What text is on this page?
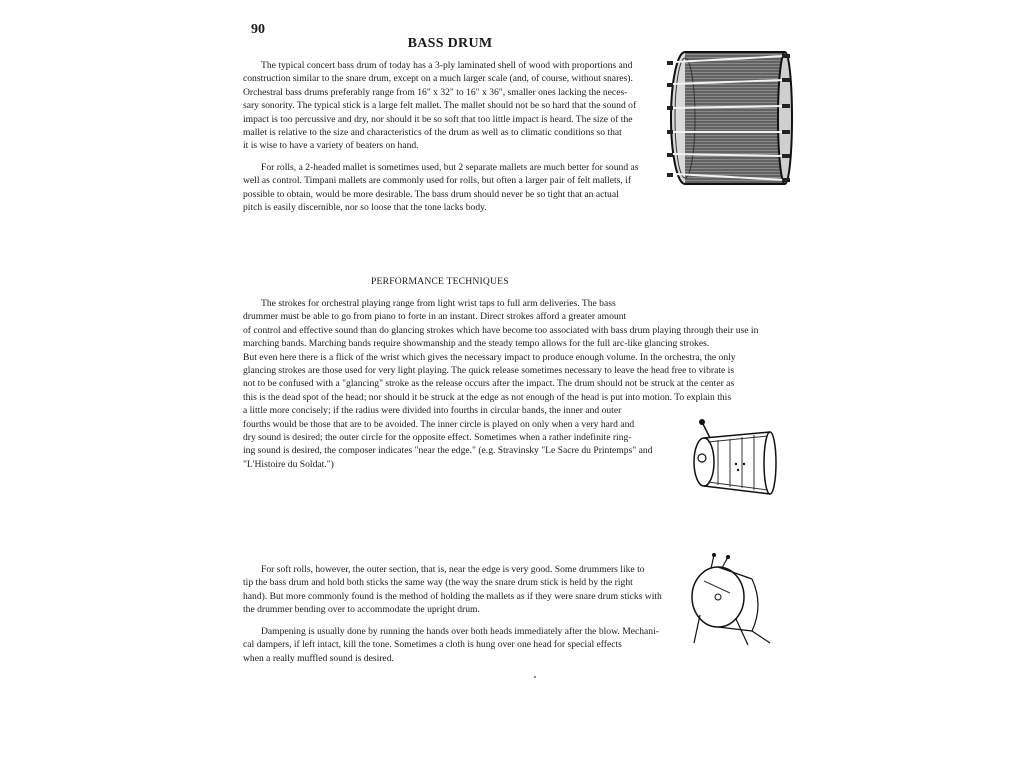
90
BASS DRUM
The typical concert bass drum of today has a 3-ply laminated shell of wood with proportions and
construction similar to the snare drum, except on a much larger scale (and, of course, without snares).
Orchestral bass drums preferably range from 16" x 32" to 16" x 36", smaller ones lacking the neces-
sary sonority. The typical stick is a large felt mallet. The mallet should not be so hard that the sound of
impact is too percussive and dry, nor should it be so soft that too little impact is heard. The size of the
mallet is relative to the size and characteristics of the drum as well as to climatic conditions so that
it is wise to have a variety of beaters on hand.
For rolls, a 2-headed mallet is sometimes used, but 2 separate mallets are much better for sound as
well as control. Timpani mallets are commonly used for rolls, but often a larger pair of felt mallets, if
possible to obtain, would be more desirable. The bass drum should never be so tight that an actual
pitch is easily discernible, nor so loose that the tone lacks body.
PERFORMANCE TECHNIQUES
The strokes for orchestral playing range from light wrist taps to full arm deliveries. The bass
drummer must be able to go from piano to forte in an instant. Direct strokes afford a greater amount
of control and effective sound than do glancing strokes which have become too associated with bass drum playing through their use in
marching bands. Marching bands require showmanship and the steady tempo allows for the full arc-like glancing strokes.
But even here there is a flick of the wrist which gives the necessary impact to produce enough volume. In the orchestra, the only
glancing strokes are those used for very light playing. The quick release sometimes necessary to leave the head free to vibrate is
not to be confused with a "glancing" stroke as the release occurs after the impact. The drum should not be struck at the center as
this is the dead spot of the head; nor should it be struck at the edge as not enough of the head is put into motion. To explain this
a little more concisely; if the radius were divided into fourths in circular bands, the inner and outer
fourths would be those that are to be avoided. The inner circle is played on only when a very hard and
dry sound is desired; the outer circle for the opposite effect. Sometimes when a rather indefinite ring-
ing sound is desired, the composer indicates "near the edge." (e.g. Stravinsky "Le Sacre du Printemps" and
"L'Histoire du Soldat.")
For soft rolls, however, the outer section, that is, near the edge is very good. Some drummers like to
tip the bass drum and hold both sticks the same way (the way the snare drum stick is held by the right
hand). But more commonly found is the method of holding the mallets as if they were snare drum sticks with
the drummer bending over to accommodate the upright drum.
Dampening is usually done by running the hands over both heads immediately after the blow. Mechani-
cal dampers, if left intact, kill the tone. Sometimes a cloth is hung over one head for special effects
when a really muffled sound is desired.
